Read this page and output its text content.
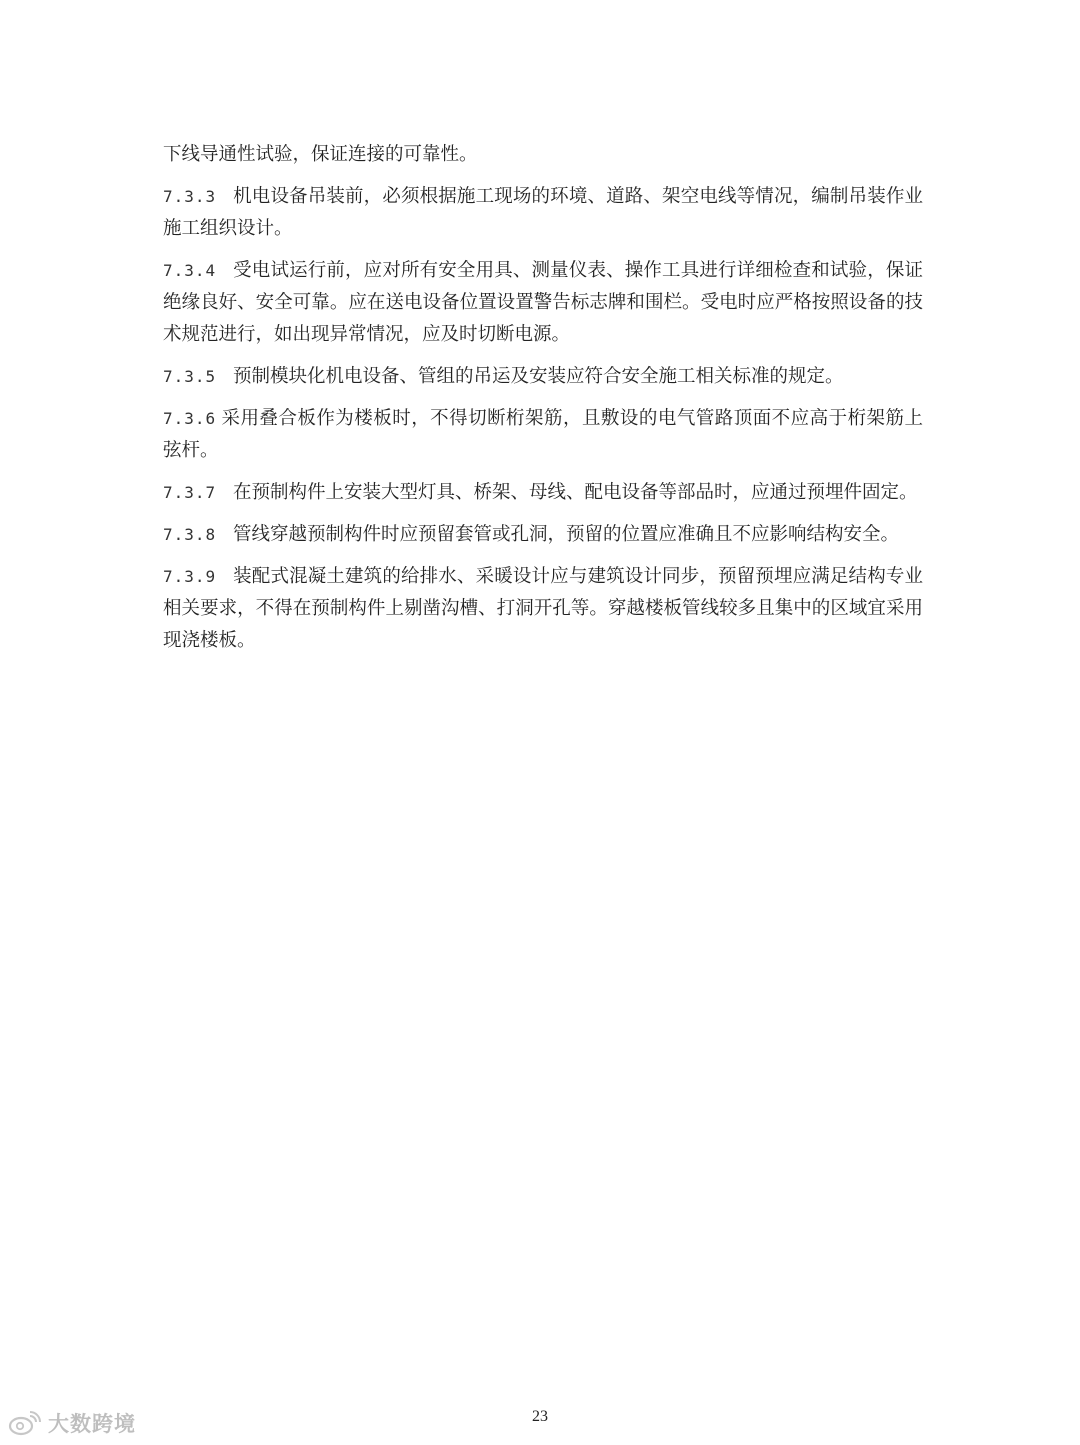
下线导通性试验，保证连接的可靠性。

7.3.3 机电设备吊装前，必须根据施工现场的环境、道路、架空电线等情况，编制吊装作业施工组织设计。

7.3.4 受电试运行前，应对所有安全用具、测量仪表、操作工具进行详细检查和试验，保证绝缘良好、安全可靠。应在送电设备位置设置警告标志牌和围栏。受电时应严格按照设备的技术规范进行，如出现异常情况，应及时切断电源。

7.3.5 预制模块化机电设备、管组的吊运及安装应符合安全施工相关标准的规定。

7.3.6 采用叠合板作为楼板时，不得切断桁架筋，且敷设的电气管路顶面不应高于桁架筋上弦杆。

7.3.7 在预制构件上安装大型灯具、桥架、母线、配电设备等部品时，应通过预埋件固定。

7.3.8 管线穿越预制构件时应预留套管或孔洞，预留的位置应准确且不应影响结构安全。

7.3.9 装配式混凝土建筑的给排水、采暖设计应与建筑设计同步，预留预埋应满足结构专业相关要求，不得在预制构件上剔凿沟槽、打洞开孔等。穿越楼板管线较多且集中的区域宜采用现浇楼板。

23
大数跨境
